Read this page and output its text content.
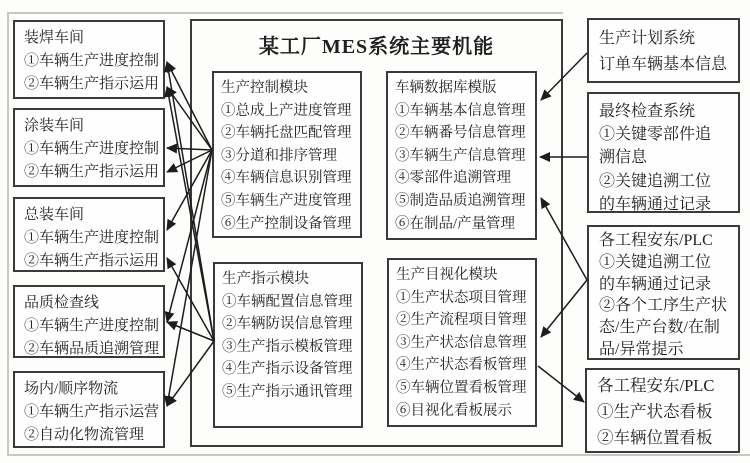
装焊车间
①车辆生产进度控制
②车辆生产指示运用
涂装车间
①车辆生产进度控制
②车辆生产指示运用
总装车间
①车辆生产进度控制
②车辆生产指示运用
品质检查线
①车辆生产进度控制
②车辆品质追溯管理
场内/顺序物流
①车辆生产指示运营
②自动化物流管理
某工厂MES系统主要机能
生产控制模块
①总成上产进度管理
②车辆托盘匹配管理
③分道和排序管理
④车辆信息识别管理
⑤车辆生产进度管理
⑥生产控制设备管理
车辆数据库模版
①车辆基本信息管理
②车辆番号信息管理
③车辆生产信息管理
④零部件追溯管理
⑤制造品质追溯管理
⑥在制品/产量管理
生产指示模块
①车辆配置信息管理
②车辆防误信息管理
③生产指示模板管理
④生产指示设备管理
⑤生产指示通讯管理
生产目视化模块
①生产状态项目管理
②生产流程项目管理
③生产状态信息管理
④生产状态看板管理
⑤车辆位置看板管理
⑥目视化看板展示
生产计划系统
订单车辆基本信息
最终检查系统
①关键零部件追溯信息
②关键追溯工位的车辆通过记录
各工程安东/PLC
①关键追溯工位的车辆通过记录
②各个工序生产状态/生产台数/在制品/异常提示
各工程安东/PLC
①生产状态看板
②车辆位置看板
